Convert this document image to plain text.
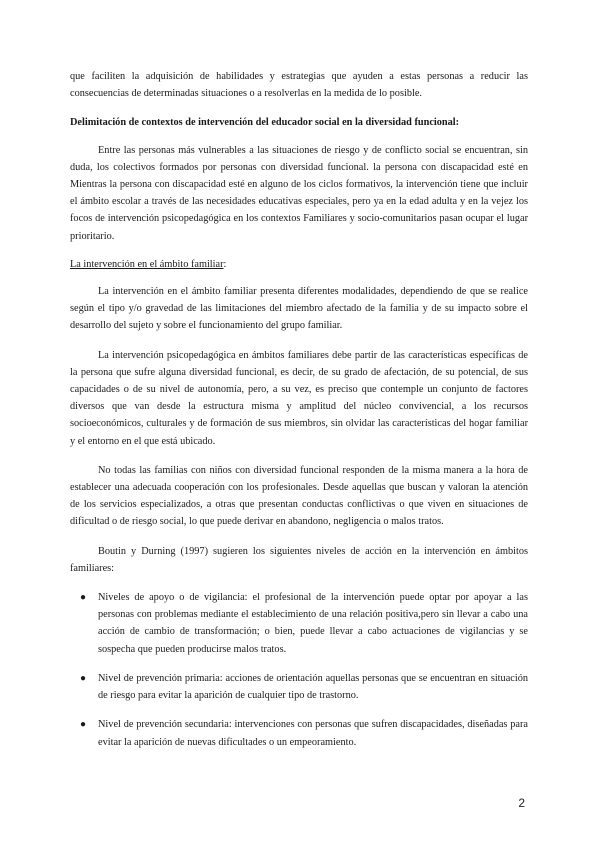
que faciliten la adquisición de habilidades y estrategias que ayuden a estas personas a reducir las consecuencias de determinadas situaciones o a resolverlas en la medida de lo posible.

Delimitación de contextos de intervención del educador social en la diversidad funcional:

Entre las personas más vulnerables a las situaciones de riesgo y de conflicto social se encuentran, sin duda, los colectivos formados por personas con diversidad funcional. la persona con discapacidad esté en Mientras la persona con discapacidad esté en alguno de los ciclos formativos, la intervención tiene que incluir el ámbito escolar a través de las necesidades educativas especiales, pero ya en la edad adulta y en la vejez los focos de intervención psicopedagógica en los contextos Familiares y socio-comunitarios pasan ocupar el lugar prioritario.

La intervención en el ámbito familiar:

La intervención en el ámbito familiar presenta diferentes modalidades, dependiendo de que se realice según el tipo y/o gravedad de las limitaciones del miembro afectado de la familia y de su impacto sobre el desarrollo del sujeto y sobre el funcionamiento del grupo familiar.

La intervención psicopedagógica en ámbitos familiares debe partir de las características específicas de la persona que sufre alguna diversidad funcional, es decir, de su grado de afectación, de su potencial, de sus capacidades o de su nivel de autonomía, pero, a su vez, es preciso que contemple un conjunto de factores diversos que van desde la estructura misma y amplitud del núcleo convivencial, a los recursos socioeconómicos, culturales y de formación de sus miembros, sin olvidar las características del hogar familiar y el entorno en el que está ubicado.

No todas las familias con niños con diversidad funcional responden de la misma manera a la hora de establecer una adecuada cooperación con los profesionales. Desde aquellas que buscan y valoran la atención de los servicios especializados, a otras que presentan conductas conflictivas o que viven en situaciones de dificultad o de riesgo social, lo que puede derivar en abandono, negligencia o malos tratos.

Boutin y Durning (1997) sugieren los siguientes niveles de acción en la intervención en ámbitos familiares:

● Niveles de apoyo o de vigilancia: el profesional de la intervención puede optar por apoyar a las personas con problemas mediante el establecimiento de una relación positiva,pero sin llevar a cabo una acción de cambio de transformación; o bien, puede llevar a cabo actuaciones de vigilancias y se sospecha que pueden producirse malos tratos.
● Nivel de prevención primaria: acciones de orientación aquellas personas que se encuentran en situación de riesgo para evitar la aparición de cualquier tipo de trastorno.
● Nivel de prevención secundaria: intervenciones con personas que sufren discapacidades, diseñadas para evitar la aparición de nuevas dificultades o un empeoramiento.
2
